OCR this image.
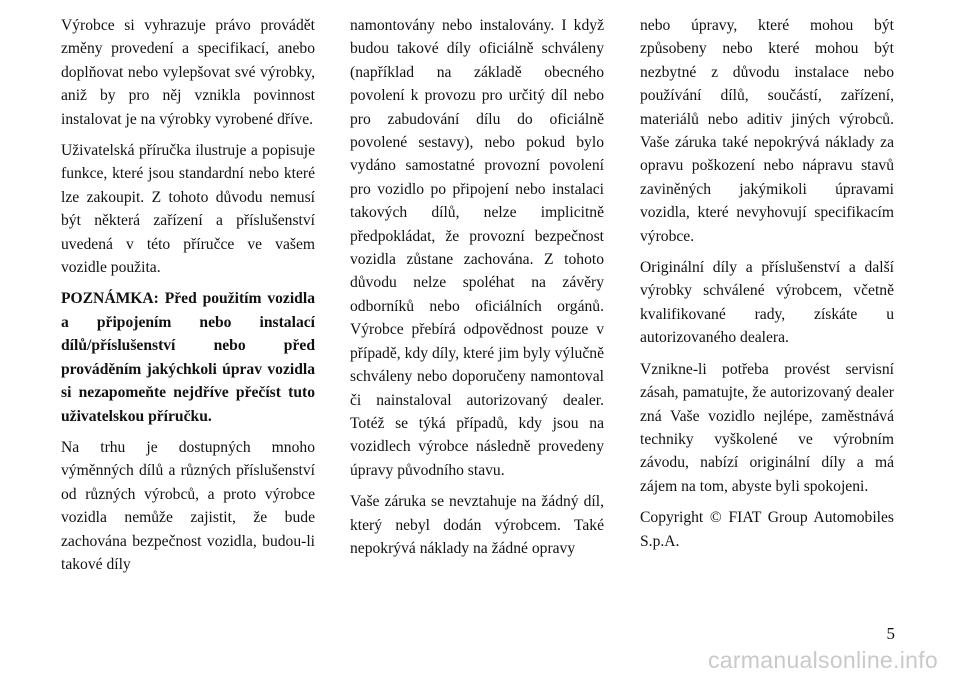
Výrobce si vyhrazuje právo provádět změny provedení a specifikací, anebo doplňovat nebo vylepšovat své výrobky, aniž by pro něj vznikla povinnost instalovat je na výrobky vyrobené dříve.

Uživatelská příručka ilustruje a popisuje funkce, které jsou standardní nebo které lze zakoupit. Z tohoto důvodu nemusí být některá zařízení a příslušenství uvedená v této příručce ve vašem vozidle použita.

POZNÁMKA: Před použitím vozidla a připojením nebo instalací dílů/příslušenství nebo před prováděním jakýchkoli úprav vozidla si nezapomeňte nejdříve přečíst tuto uživatelskou příručku.

Na trhu je dostupných mnoho výměnných dílů a různých příslušenství od různých výrobců, a proto výrobce vozidla nemůže zajistit, že bude zachována bezpečnost vozidla, budou-li takové díly

namontovány nebo instalovány. I když budou takové díly oficiálně schváleny (například na základě obecného povolení k provozu pro určitý díl nebo pro zabudování dílu do oficiálně povolené sestavy), nebo pokud bylo vydáno samostatné provozní povolení pro vozidlo po připojení nebo instalaci takových dílů, nelze implicitně předpokládat, že provozní bezpečnost vozidla zůstane zachována. Z tohoto důvodu nelze spoléhat na závěry odborníků nebo oficiálních orgánů. Výrobce přebírá odpovědnost pouze v případě, kdy díly, které jim byly výlučně schváleny nebo doporučeny namontoval či nainstaloval autorizovaný dealer. Totéž se týká případů, kdy jsou na vozidlech výrobce následně provedeny úpravy původního stavu.

Vaše záruka se nevztahuje na žádný díl, který nebyl dodán výrobcem. Také nepokrývá náklady na žádné opravy

nebo úpravy, které mohou být způsobeny nebo které mohou být nezbytné z důvodu instalace nebo používání dílů, součástí, zařízení, materiálů nebo aditiv jiných výrobců. Vaše záruka také nepokrývá náklady za opravu poškození nebo nápravu stavů zaviněných jakýmikoli úpravami vozidla, které nevyhovují specifikacím výrobce.

Originální díly a příslušenství a další výrobky schválené výrobcem, včetně kvalifikované rady, získáte u autorizovaného dealera.

Vznikne-li potřeba provést servisní zásah, pamatujte, že autorizovaný dealer zná Vaše vozidlo nejlépe, zaměstnává techniky vyškolené ve výrobním závodu, nabízí originální díly a má zájem na tom, abyste byli spokojeni.

Copyright © FIAT Group Automobiles S.p.A.

5
carmanualsonline.info
